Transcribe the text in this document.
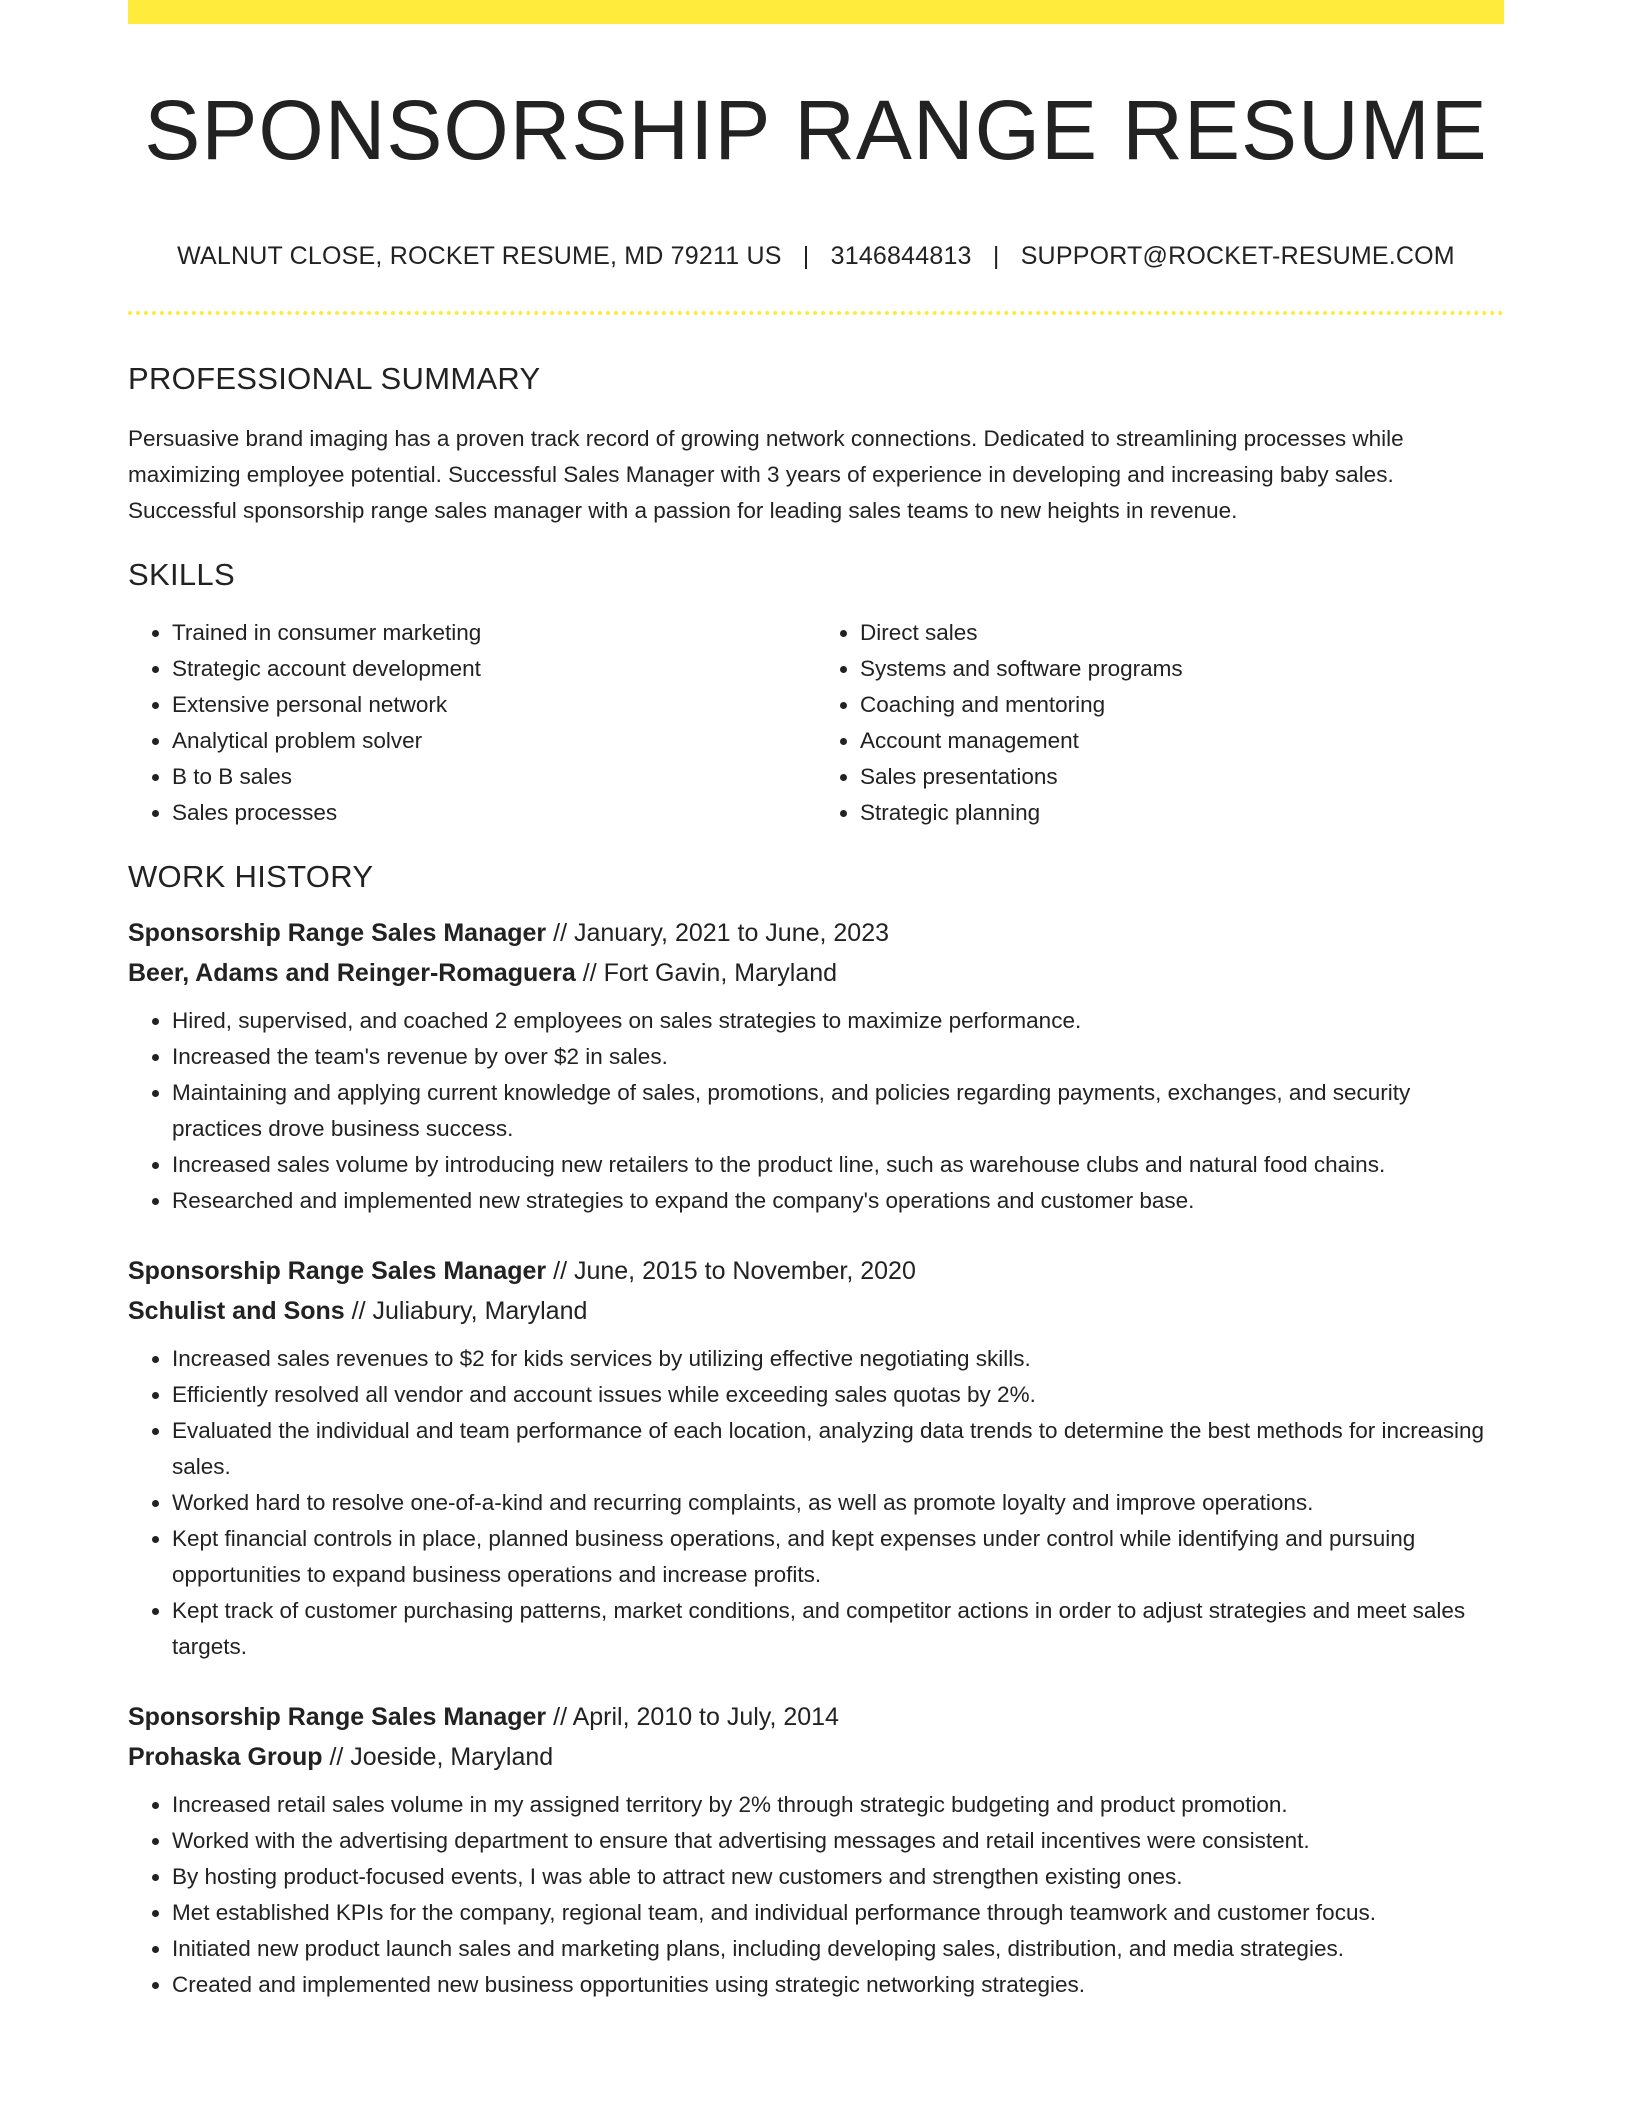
SPONSORSHIP RANGE RESUME
WALNUT CLOSE, ROCKET RESUME, MD 79211 US | 3146844813 | SUPPORT@ROCKET-RESUME.COM
PROFESSIONAL SUMMARY

Persuasive brand imaging has a proven track record of growing network connections. Dedicated to streamlining processes while maximizing employee potential. Successful Sales Manager with 3 years of experience in developing and increasing baby sales. Successful sponsorship range sales manager with a passion for leading sales teams to new heights in revenue.

SKILLS
• Trained in consumer marketing
• Strategic account development
• Extensive personal network
• Analytical problem solver
• B to B sales
• Sales processes
• Direct sales
• Systems and software programs
• Coaching and mentoring
• Account management
• Sales presentations
• Strategic planning
WORK HISTORY
Sponsorship Range Sales Manager // January, 2021 to June, 2023
Beer, Adams and Reinger-Romaguera // Fort Gavin, Maryland
• Hired, supervised, and coached 2 employees on sales strategies to maximize performance.
• Increased the team's revenue by over $2 in sales.
• Maintaining and applying current knowledge of sales, promotions, and policies regarding payments, exchanges, and security practices drove business success.
• Increased sales volume by introducing new retailers to the product line, such as warehouse clubs and natural food chains.
• Researched and implemented new strategies to expand the company's operations and customer base.
Sponsorship Range Sales Manager // June, 2015 to November, 2020
Schulist and Sons // Juliabury, Maryland
• Increased sales revenues to $2 for kids services by utilizing effective negotiating skills.
• Efficiently resolved all vendor and account issues while exceeding sales quotas by 2%.
• Evaluated the individual and team performance of each location, analyzing data trends to determine the best methods for increasing sales.
• Worked hard to resolve one-of-a-kind and recurring complaints, as well as promote loyalty and improve operations.
• Kept financial controls in place, planned business operations, and kept expenses under control while identifying and pursuing opportunities to expand business operations and increase profits.
• Kept track of customer purchasing patterns, market conditions, and competitor actions in order to adjust strategies and meet sales targets.
Sponsorship Range Sales Manager // April, 2010 to July, 2014
Prohaska Group // Joeside, Maryland
• Increased retail sales volume in my assigned territory by 2% through strategic budgeting and product promotion.
• Worked with the advertising department to ensure that advertising messages and retail incentives were consistent.
• By hosting product-focused events, I was able to attract new customers and strengthen existing ones.
• Met established KPIs for the company, regional team, and individual performance through teamwork and customer focus.
• Initiated new product launch sales and marketing plans, including developing sales, distribution, and media strategies.
• Created and implemented new business opportunities using strategic networking strategies.
